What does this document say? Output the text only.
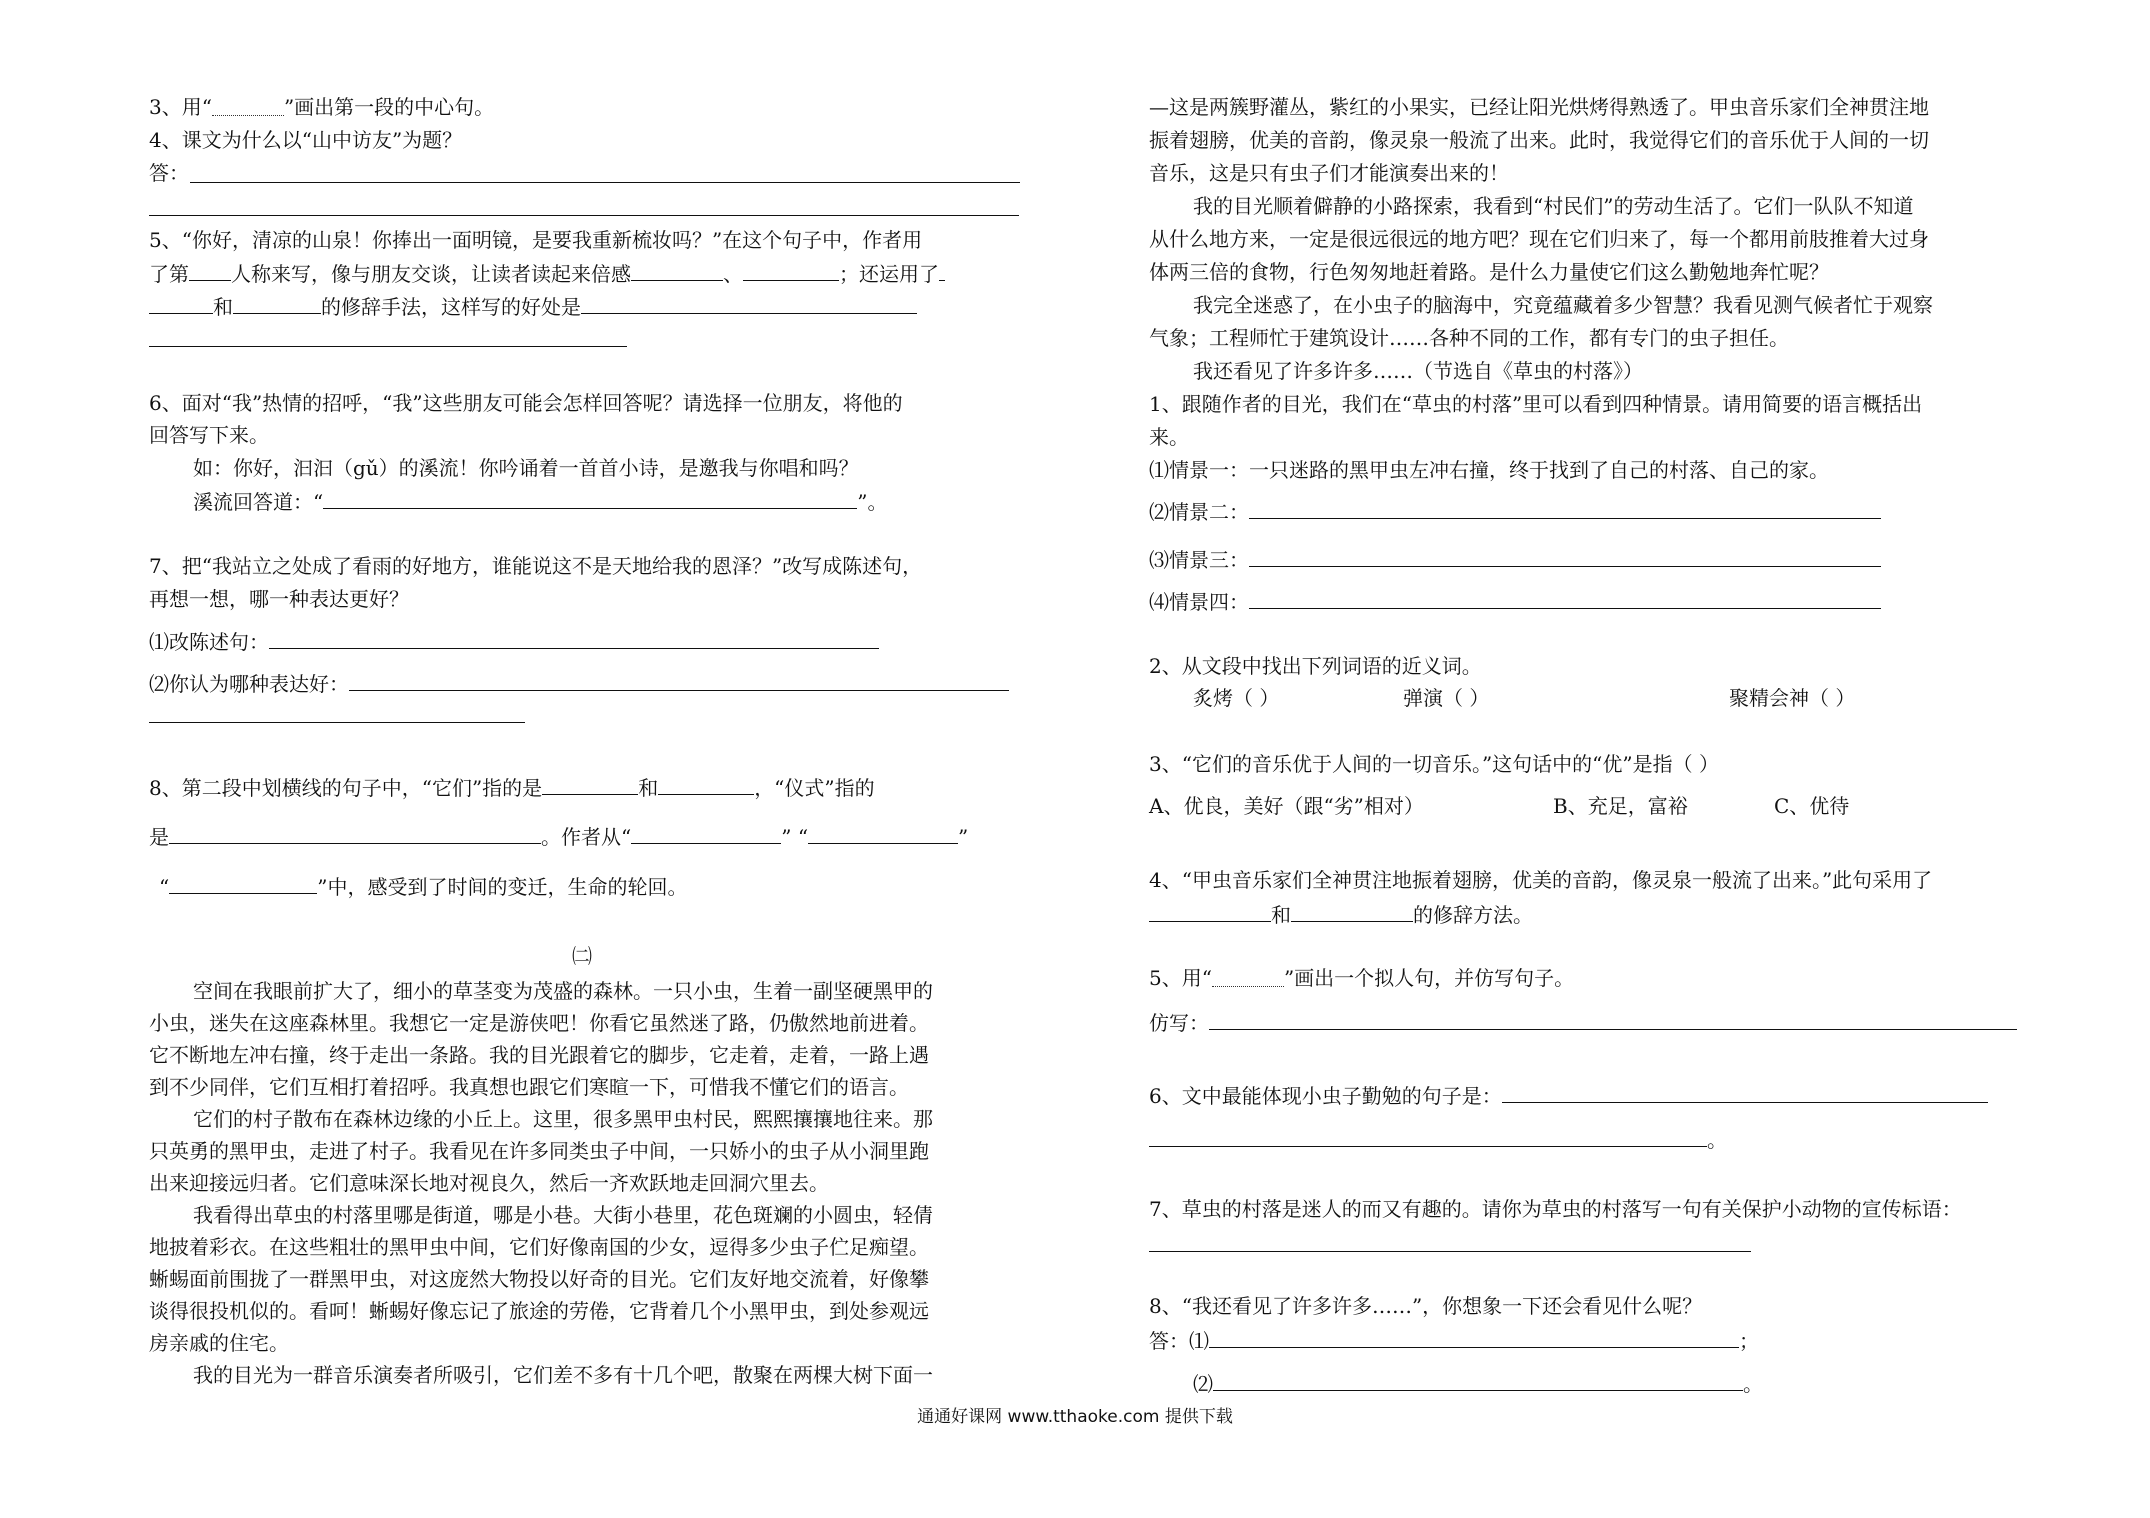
3、用“	”画出第一段的中心句。
4、课文为什么以“山中访友”为题？
答：
5、“你好，清凉的山泉！你捧出一面明镜，是要我重新梳妆吗？”在这个句子中，作者用
了第 人称来写，像与朋友交谈，让读者读起来倍感	、	；还运用了
和	的修辞手法，这样写的好处是
6、面对“我”热情的招呼，“我”这些朋友可能会怎样回答呢？请选择一位朋友，将他的
回答写下来。
如：你好，汩汩（gǔ）的溪流！你吟诵着一首首小诗，是邀我与你唱和吗？
溪流回答道：“	”。
7、把“我站立之处成了看雨的好地方，谁能说这不是天地给我的恩泽？”改写成陈述句，
再想一想，哪一种表达更好？
⑴改陈述句：
⑵你认为哪种表达好：
8、第二段中划横线的句子中，“它们”指的是	和	，“仪式”指的
是	。作者从“	” “	”
“	”中，感受到了时间的变迁，生命的轮回。
㈡
空间在我眼前扩大了，细小的草茎变为茂盛的森林。一只小虫，生着一副坚硬黑甲的
小虫，迷失在这座森林里。我想它一定是游侠吧！你看它虽然迷了路，仍傲然地前进着。
它不断地左冲右撞，终于走出一条路。我的目光跟着它的脚步，它走着，走着，一路上遇
到不少同伴，它们互相打着招呼。我真想也跟它们寒暄一下，可惜我不懂它们的语言。
它们的村子散布在森林边缘的小丘上。这里，很多黑甲虫村民，熙熙攘攘地往来。那
只英勇的黑甲虫，走进了村子。我看见在许多同类虫子中间，一只娇小的虫子从小洞里跑
出来迎接远归者。它们意味深长地对视良久，然后一齐欢跃地走回洞穴里去。
我看得出草虫的村落里哪是街道，哪是小巷。大街小巷里，花色斑斓的小圆虫，轻倩
地披着彩衣。在这些粗壮的黑甲虫中间，它们好像南国的少女，逗得多少虫子伫足痴望。
蜥蜴面前围拢了一群黑甲虫，对这庞然大物投以好奇的目光。它们友好地交流着，好像攀
谈得很投机似的。看呵！蜥蜴好像忘记了旅途的劳倦，它背着几个小黑甲虫，到处参观远
房亲戚的住宅。
我的目光为一群音乐演奏者所吸引，它们差不多有十几个吧，散聚在两棵大树下面一
—这是两簇野灌丛，紫红的小果实，已经让阳光烘烤得熟透了。甲虫音乐家们全神贯注地
振着翅膀，优美的音韵，像灵泉一般流了出来。此时，我觉得它们的音乐优于人间的一切
音乐，这是只有虫子们才能演奏出来的！
我的目光顺着僻静的小路探索，我看到“村民们”的劳动生活了。它们一队队不知道
从什么地方来，一定是很远很远的地方吧？现在它们归来了，每一个都用前肢推着大过身
体两三倍的食物，行色匆匆地赶着路。是什么力量使它们这么勤勉地奔忙呢？
我完全迷惑了，在小虫子的脑海中，究竟蕴藏着多少智慧？我看见测气候者忙于观察
气象；工程师忙于建筑设计……各种不同的工作，都有专门的虫子担任。
我还看见了许多许多……（节选自《草虫的村落》）
1、跟随作者的目光，我们在“草虫的村落”里可以看到四种情景。请用简要的语言概括出
来。
⑴情景一：一只迷路的黑甲虫左冲右撞，终于找到了自己的村落、自己的家。
⑵情景二：
⑶情景三：
⑷情景四：
2、从文段中找出下列词语的近义词。
炙烤（ ）	弹演（ ）	聚精会神（ ）
3、“它们的音乐优于人间的一切音乐。”这句话中的“优”是指（ ）
A、优良，美好（跟“劣”相对）	B、充足，富裕	C、优待
4、“甲虫音乐家们全神贯注地振着翅膀，优美的音韵，像灵泉一般流了出来。”此句采用了
和	的修辞方法。
5、用“	”画出一个拟人句，并仿写句子。
仿写：
6、文中最能体现小虫子勤勉的句子是：
。
7、草虫的村落是迷人的而又有趣的。请你为草虫的村落写一句有关保护小动物的宣传标语：
8、“我还看见了许多许多……”，你想象一下还会看见什么呢？
答：⑴	；
⑵	。
通通好课网 www.tthaoke.com 提供下载
